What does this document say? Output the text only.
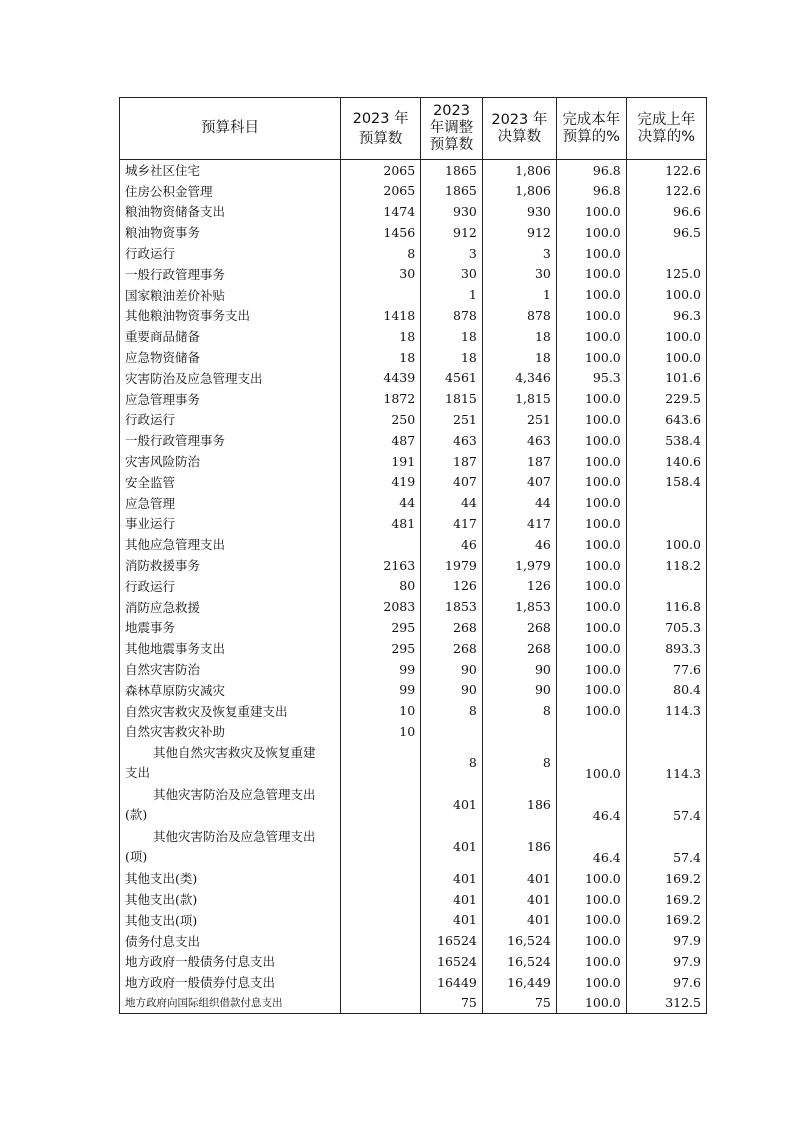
预算科目	2023 年预算数	2023 年调整预算数	2023 年决算数	完成本年预算的%	完成上年决算的%
城乡社区住宅	2065	1865	1,806	96.8	122.6
住房公积金管理	2065	1865	1,806	96.8	122.6
粮油物资储备支出	1474	930	930	100.0	96.6
粮油物资事务	1456	912	912	100.0	96.5
行政运行	8	3	3	100.0	
一般行政管理事务	30	30	30	100.0	125.0
国家粮油差价补贴		1	1	100.0	100.0
其他粮油物资事务支出	1418	878	878	100.0	96.3
重要商品储备	18	18	18	100.0	100.0
应急物资储备	18	18	18	100.0	100.0
灾害防治及应急管理支出	4439	4561	4,346	95.3	101.6
应急管理事务	1872	1815	1,815	100.0	229.5
行政运行	250	251	251	100.0	643.6
一般行政管理事务	487	463	463	100.0	538.4
灾害风险防治	191	187	187	100.0	140.6
安全监管	419	407	407	100.0	158.4
应急管理	44	44	44	100.0	
事业运行	481	417	417	100.0	
其他应急管理支出		46	46	100.0	100.0
消防救援事务	2163	1979	1,979	100.0	118.2
行政运行	80	126	126	100.0	
消防应急救援	2083	1853	1,853	100.0	116.8
地震事务	295	268	268	100.0	705.3
其他地震事务支出	295	268	268	100.0	893.3
自然灾害防治	99	90	90	100.0	77.6
森林草原防灾减灾	99	90	90	100.0	80.4
自然灾害救灾及恢复重建支出	10	8	8	100.0	114.3
自然灾害救灾补助	10				

其他自然灾害救灾及恢复重建
支出		8	8	100.0	114.3

其他灾害防治及应急管理支出
(款)		401	186	46.4	57.4

其他灾害防治及应急管理支出
(项)		401	186	46.4	57.4
其他支出(类)		401	401	100.0	169.2
其他支出(款)		401	401	100.0	169.2
其他支出(项)		401	401	100.0	169.2
债务付息支出		16524	16,524	100.0	97.9
地方政府一般债务付息支出		16524	16,524	100.0	97.9
地方政府一般债券付息支出		16449	16,449	100.0	97.6
地方政府向国际组织借款付息支出		75	75	100.0	312.5
